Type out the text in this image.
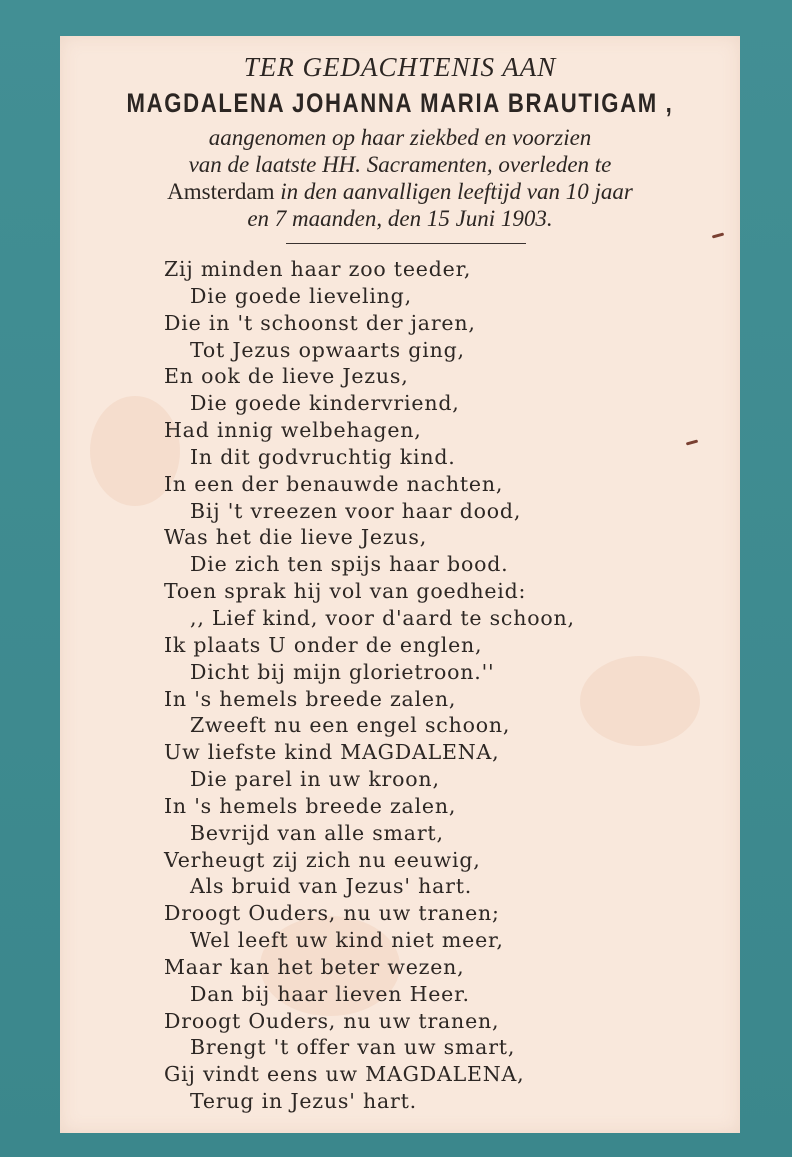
TER GEDACHTENIS AAN

MAGDALENA JOHANNA MARIA BRAUTIGAM ,

aangenomen op haar ziekbed en voorzien
van de laatste HH. Sacramenten, overleden te
Amsterdam in den aanvalligen leeftijd van 10 jaar
en 7 maanden, den 15 Juni 1903.

Zij minden haar zoo teeder,
Die goede lieveling,
Die in 't schoonst der jaren,
Tot Jezus opwaarts ging,
En ook de lieve Jezus,
Die goede kindervriend,
Had innig welbehagen,
In dit godvruchtig kind.
In een der benauwde nachten,
Bij 't vreezen voor haar dood,
Was het die lieve Jezus,
Die zich ten spijs haar bood.
Toen sprak hij vol van goedheid:
,, Lief kind, voor d'aard te schoon,
Ik plaats U onder de englen,
Dicht bij mijn glorietroon.''
In 's hemels breede zalen,
Zweeft nu een engel schoon,
Uw liefste kind MAGDALENA,
Die parel in uw kroon,
In 's hemels breede zalen,
Bevrijd van alle smart,
Verheugt zij zich nu eeuwig,
Als bruid van Jezus' hart.
Droogt Ouders, nu uw tranen;
Wel leeft uw kind niet meer,
Maar kan het beter wezen,
Dan bij haar lieven Heer.
Droogt Ouders, nu uw tranen,
Brengt 't offer van uw smart,
Gij vindt eens uw MAGDALENA,
Terug in Jezus' hart.
